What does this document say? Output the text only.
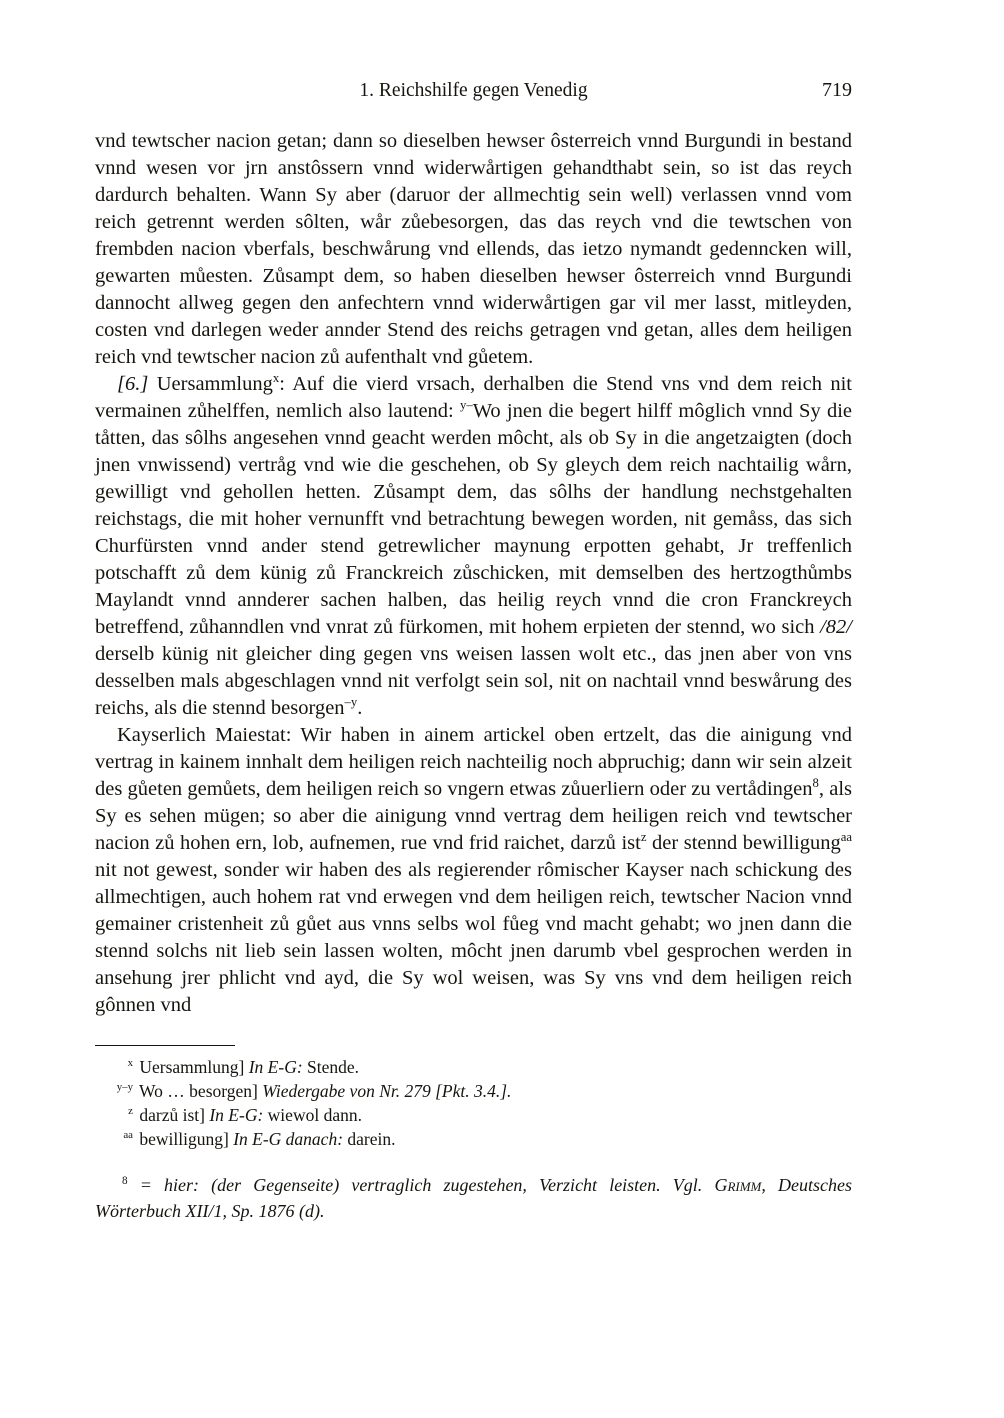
1. Reichshilfe gegen Venedig	719

vnd tewtscher nacion getan; dann so dieselben hewser ôsterreich vnnd Burgundi in bestand vnnd wesen vor jrn anstôssern vnnd widerwårtigen gehandthabt sein, so ist das reych dardurch behalten. Wann Sy aber (daruor der allmechtig sein well) verlassen vnnd vom reich getrennt werden sôlten, wår zůebesorgen, das das reych vnd die tewtschen von frembden nacion vberfals, beschwårung vnd ellends, das ietzo nymandt gedenncken will, gewarten můesten. Zůsampt dem, so haben dieselben hewser ôsterreich vnnd Burgundi dannocht allweg gegen den anfechtern vnnd widerwårtigen gar vil mer lasst, mitleyden, costen vnd darlegen weder annder Stend des reichs getragen vnd getan, alles dem heiligen reich vnd tewtscher nacion zů aufenthalt vnd gůetem.

[6.] Uersammlung$^x$: Auf die vierd vrsach, derhalben die Stend vns vnd dem reich nit vermainen zůhelffen, nemlich also lautend: $^{y-}$Wo jnen die begert hilff môglich vnnd Sy die tåtten, das sôlhs angesehen vnnd geacht werden môcht, als ob Sy in die angetzaigten (doch jnen vnwissend) vertråg vnd wie die geschehen, ob Sy gleych dem reich nachtailig wårn, gewilligt vnd gehollen hetten. Zůsampt dem, das sôlhs der handlung nechstgehalten reichstags, die mit hoher vernunfft vnd betrachtung bewegen worden, nit gemåss, das sich Churfürsten vnnd ander stend getrewlicher maynung erpotten gehabt, Jr treffenlich potschafft zů dem künig zů Franckreich zůschicken, mit demselben des hertzogthůmbs Maylandt vnnd annderer sachen halben, das heilig reych vnnd die cron Franckreych betreffend, zůhanndlen vnd vnrat zů fürkomen, mit hohem erpieten der stennd, wo sich /82/ derselb künig nit gleicher ding gegen vns weisen lassen wolt etc., das jnen aber von vns desselben mals abgeschlagen vnnd nit verfolgt sein sol, nit on nachtail vnnd beswårung des reichs, als die stennd besorgen$^{-y}$.

Kayserlich Maiestat: Wir haben in ainem artickel oben ertzelt, das die ainigung vnd vertrag in kainem innhalt dem heiligen reich nachteilig noch abpruchig; dann wir sein alzeit des gůeten gemůets, dem heiligen reich so vngern etwas zůuerliern oder zu vertådingen$^8$, als Sy es sehen mügen; so aber die ainigung vnnd vertrag dem heiligen reich vnd tewtscher nacion zů hohen ern, lob, aufnemen, rue vnd frid raichet, darzů ist$^z$ der stennd bewilligung$^{aa}$ nit not gewest, sonder wir haben des als regierender rômischer Kayser nach schickung des allmechtigen, auch hohem rat vnd erwegen vnd dem heiligen reich, tewtscher Nacion vnnd gemainer cristenheit zů gůet aus vnns selbs wol fůeg vnd macht gehabt; wo jnen dann die stennd solchs nit lieb sein lassen wolten, môcht jnen darumb vbel gesprochen werden in ansehung jrer phlicht vnd ayd, die Sy wol weisen, was Sy vns vnd dem heiligen reich gônnen vnd

$^x$ Uersammlung] In E-G: Stende.

$^{y-y}$ Wo … besorgen] Wiedergabe von Nr. 279 [Pkt. 3.4.].

$^z$ darzů ist] In E-G: wiewol dann.

$^{aa}$ bewilligung] In E-G danach: darein.

$^8$ = hier: (der Gegenseite) vertraglich zugestehen, Verzicht leisten. Vgl. Grimm, Deutsches Wörterbuch XII/1, Sp. 1876 (d).
